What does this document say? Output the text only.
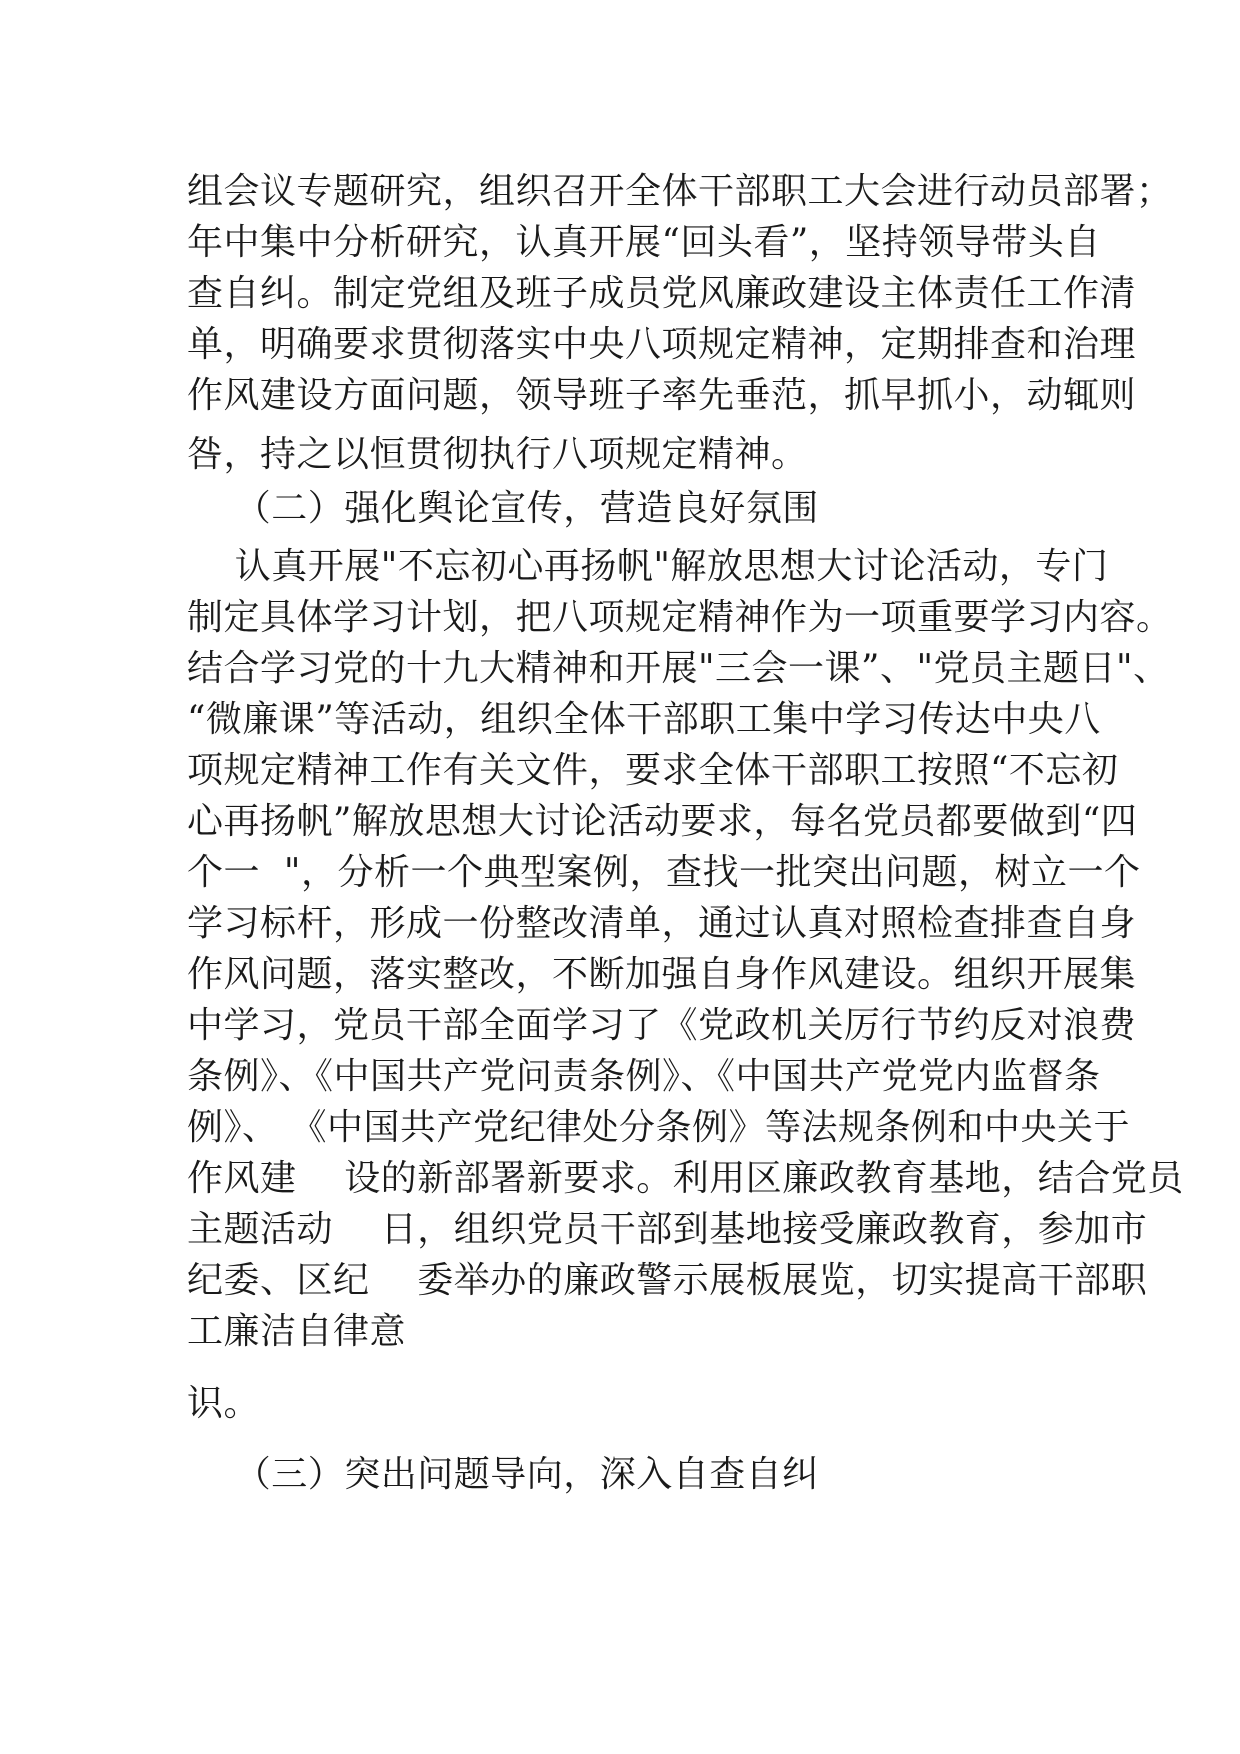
组会议专题研究，组织召开全体干部职工大会进行动员部署；
年中集中分析研究，认真开展“回头看”，坚持领导带头自
查自纠。制定党组及班子成员党风廉政建设主体责任工作清
单，明确要求贯彻落实中央八项规定精神，定期排查和治理
作风建设方面问题，领导班子率先垂范，抓早抓小，动辄则
咎，持之以恒贯彻执行八项规定精神。
（二）强化舆论宣传，营造良好氛围
认真开展"不忘初心再扬帆"解放思想大讨论活动，专门
制定具体学习计划，把八项规定精神作为一项重要学习内容。
结合学习党的十九大精神和开展"三会一课”、"党员主题日"、
“微廉课”等活动，组织全体干部职工集中学习传达中央八
项规定精神工作有关文件，要求全体干部职工按照“不忘初
心再扬帆”解放思想大讨论活动要求，每名党员都要做到“四
个一  "，分析一个典型案例，查找一批突出问题，树立一个
学习标杆，形成一份整改清单，通过认真对照检查排查自身
作风问题，落实整改，不断加强自身作风建设。组织开展集
中学习，党员干部全面学习了《党政机关厉行节约反对浪费
条例》、《中国共产党问责条例》、《中国共产党党内监督条
例》、 《中国共产党纪律处分条例》等法规条例和中央关于
作风建    设的新部署新要求。利用区廉政教育基地，结合党员
主题活动    日，组织党员干部到基地接受廉政教育，参加市
纪委、区纪    委举办的廉政警示展板展览，切实提高干部职
工廉洁自律意
识。
（三）突出问题导向，深入自查自纠
